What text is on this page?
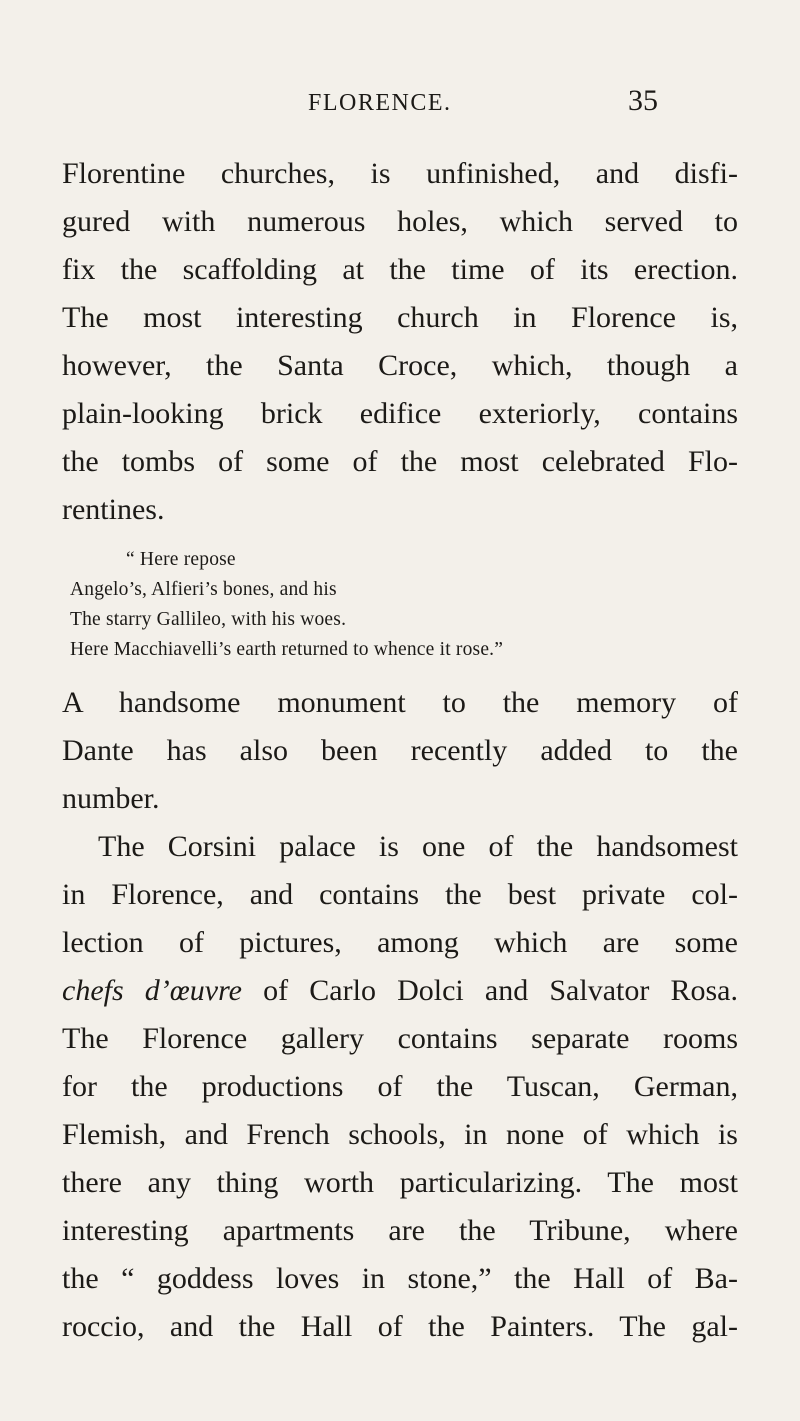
FLORENCE.	35
Florentine churches, is unfinished, and disfi-
gured with numerous holes, which served to
fix the scaffolding at the time of its erection.
The most interesting church in Florence is,
however, the Santa Croce, which, though a
plain-looking brick edifice exteriorly, contains
the tombs of some of the most celebrated Flo-
rentines.
“ Here repose
Angelo’s, Alfieri’s bones, and his
The starry Gallileo, with his woes.
Here Macchiavelli’s earth returned to whence it rose.”
A handsome monument to the memory of
Dante has also been recently added to the
number.
The Corsini palace is one of the handsomest
in Florence, and contains the best private col-
lection of pictures, among which are some
chefs d’œuvre of Carlo Dolci and Salvator Rosa.
The Florence gallery contains separate rooms
for the productions of the Tuscan, German,
Flemish, and French schools, in none of which is
there any thing worth particularizing. The most
interesting apartments are the Tribune, where
the “ goddess loves in stone,” the Hall of Ba-
roccio, and the Hall of the Painters. The gal-
